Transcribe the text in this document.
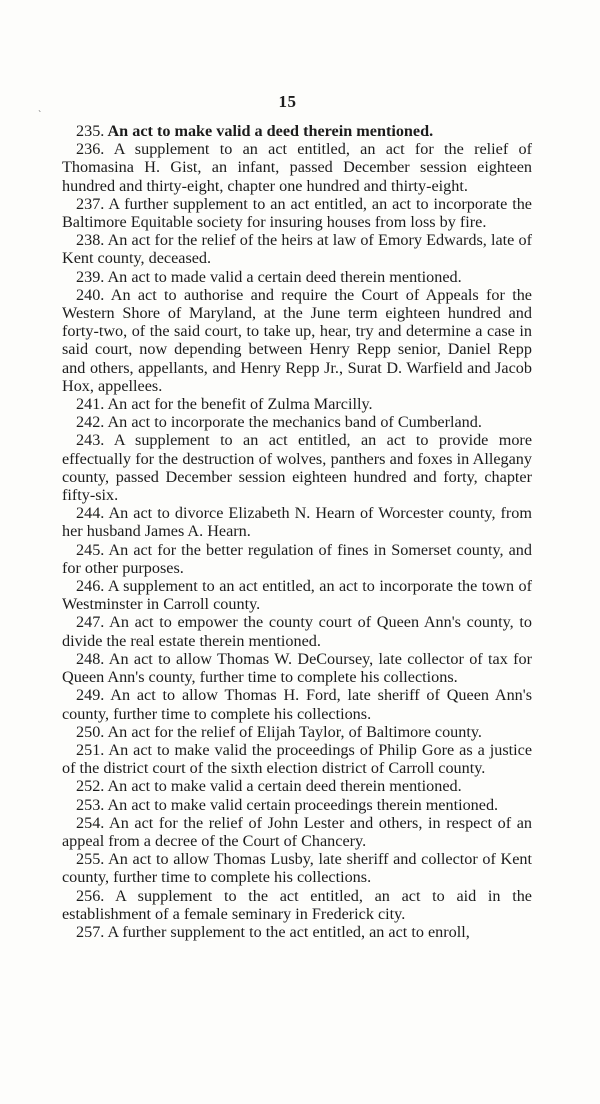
˴	15

235. An act to make valid a deed therein mentioned.

236. A supplement to an act entitled, an act for the relief of Thomasina H. Gist, an infant, passed December session eighteen hundred and thirty-eight, chapter one hundred and thirty-eight.

237. A further supplement to an act entitled, an act to incorporate the Baltimore Equitable society for insuring houses from loss by fire.

238. An act for the relief of the heirs at law of Emory Edwards, late of Kent county, deceased.

239. An act to made valid a certain deed therein mentioned.

240. An act to authorise and require the Court of Appeals for the Western Shore of Maryland, at the June term eighteen hundred and forty-two, of the said court, to take up, hear, try and determine a case in said court, now depending between Henry Repp senior, Daniel Repp and others, appellants, and Henry Repp Jr., Surat D. Warfield and Jacob Hox, appellees.

241. An act for the benefit of Zulma Marcilly.

242. An act to incorporate the mechanics band of Cumberland.

243. A supplement to an act entitled, an act to provide more effectually for the destruction of wolves, panthers and foxes in Allegany county, passed December session eighteen hundred and forty, chapter fifty-six.

244. An act to divorce Elizabeth N. Hearn of Worcester county, from her husband James A. Hearn.

245. An act for the better regulation of fines in Somerset county, and for other purposes.

246. A supplement to an act entitled, an act to incorporate the town of Westminster in Carroll county.

247. An act to empower the county court of Queen Ann's county, to divide the real estate therein mentioned.

248. An act to allow Thomas W. DeCoursey, late collector of tax for Queen Ann's county, further time to complete his collections.

249. An act to allow Thomas H. Ford, late sheriff of Queen Ann's county, further time to complete his collections.

250. An act for the relief of Elijah Taylor, of Baltimore county.

251. An act to make valid the proceedings of Philip Gore as a justice of the district court of the sixth election district of Carroll county.

252. An act to make valid a certain deed therein mentioned.

253. An act to make valid certain proceedings therein mentioned.

254. An act for the relief of John Lester and others, in respect of an appeal from a decree of the Court of Chancery.

255. An act to allow Thomas Lusby, late sheriff and collector of Kent county, further time to complete his collections.

256. A supplement to the act entitled, an act to aid in the establishment of a female seminary in Frederick city.

257. A further supplement to the act entitled, an act to enroll,
